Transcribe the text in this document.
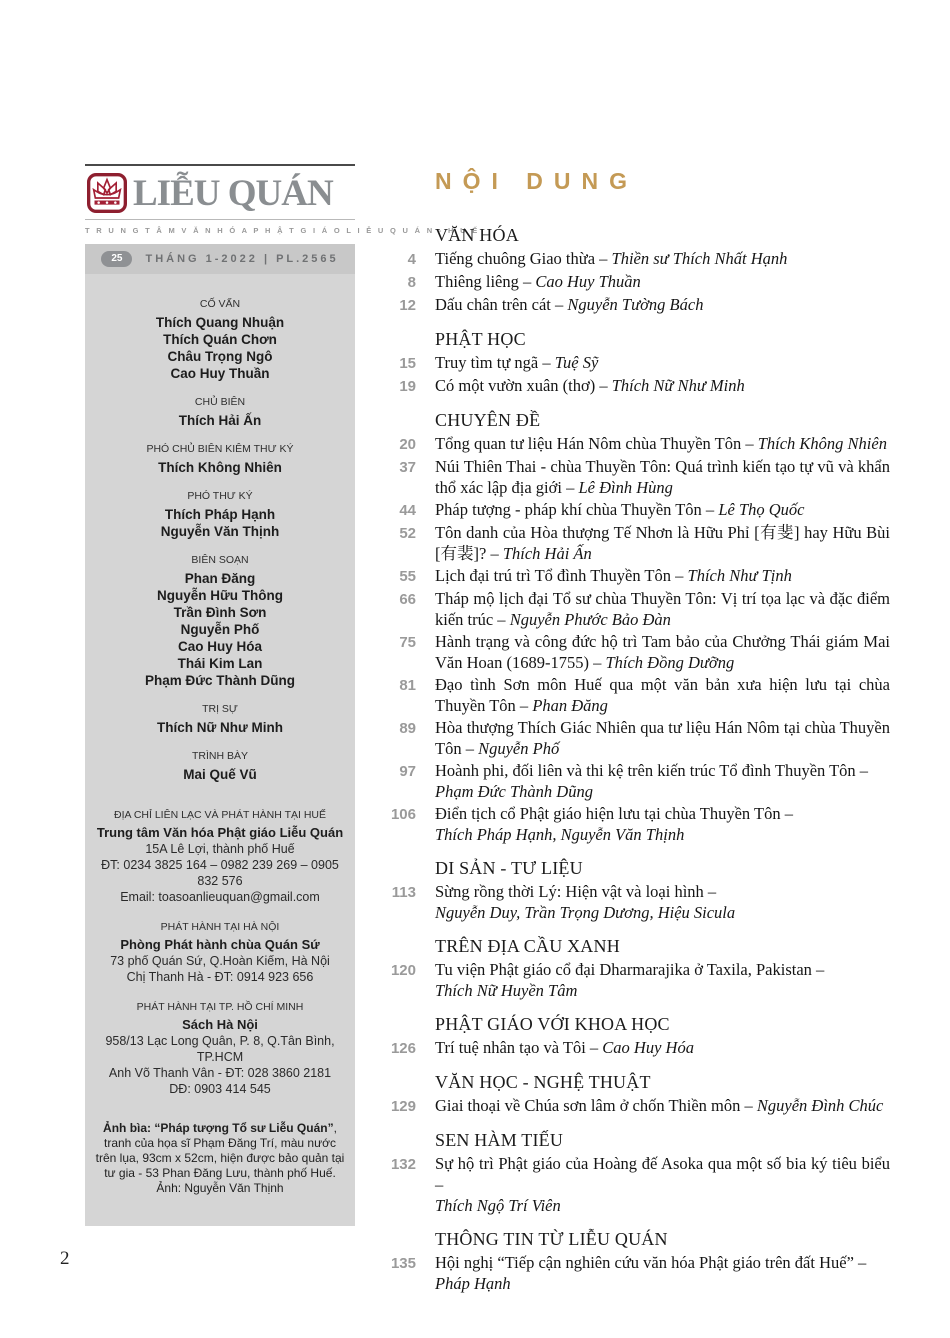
LIỄU QUÁN
T R U N G T Â M V Ă N H Ó A P H Ậ T G I Á O L I Ễ U Q U Á N - H U Ế
25	THÁNG 1-2022 | PL.2565
CỐ VẤN
Thích Quang Nhuận
Thích Quán Chơn
Châu Trọng Ngô
Cao Huy Thuần
CHỦ BIÊN
Thích Hải Ấn
PHÓ CHỦ BIÊN KIÊM THƯ KÝ
Thích Không Nhiên
PHÓ THƯ KÝ
Thích Pháp Hạnh
Nguyễn Văn Thịnh
BIÊN SOẠN
Phan Đăng
Nguyễn Hữu Thông
Trần Đình Sơn
Nguyễn Phố
Cao Huy Hóa
Thái Kim Lan
Phạm Đức Thành Dũng
TRỊ SỰ
Thích Nữ Như Minh
TRÌNH BÀY
Mai Quế Vũ
ĐỊA CHỈ LIÊN LẠC VÀ PHÁT HÀNH TẠI HUẾ
Trung tâm Văn hóa Phật giáo Liễu Quán
15A Lê Lợi, thành phố Huế
ĐT: 0234 3825 164 – 0982 239 269 – 0905 832 576
Email: toasoanlieuquan@gmail.com
PHÁT HÀNH TẠI HÀ NỘI
Phòng Phát hành chùa Quán Sứ
73 phố Quán Sứ, Q.Hoàn Kiếm, Hà Nội
Chị Thanh Hà - ĐT: 0914 923 656
PHÁT HÀNH TẠI TP. HỒ CHÍ MINH
Sách Hà Nội
958/13 Lạc Long Quân, P. 8, Q.Tân Bình, TP.HCM
Anh Võ Thanh Vân - ĐT: 028 3860 2181
DĐ: 0903 414 545
Ảnh bìa: “Pháp tượng Tổ sư Liễu Quán”, tranh của họa sĩ Phạm Đăng Trí, màu nước trên lụa, 93cm x 52cm, hiện được bảo quản tại tư gia - 53 Phan Đăng Lưu, thành phố Huế. Ảnh: Nguyễn Văn Thịnh
NỘI DUNG
VĂN HÓA
4 Tiếng chuông Giao thừa – Thiền sư Thích Nhất Hạnh
8 Thiêng liêng – Cao Huy Thuần
12 Dấu chân trên cát – Nguyễn Tường Bách
PHẬT HỌC
15 Truy tìm tự ngã – Tuệ Sỹ
19 Có một vườn xuân (thơ) – Thích Nữ Như Minh
CHUYÊN ĐỀ
20 Tổng quan tư liệu Hán Nôm chùa Thuyền Tôn – Thích Không Nhiên
37 Núi Thiên Thai - chùa Thuyền Tôn: Quá trình kiến tạo tự vũ và khẩn thổ xác lập địa giới – Lê Đình Hùng
44 Pháp tượng - pháp khí chùa Thuyền Tôn – Lê Thọ Quốc
52 Tôn danh của Hòa thượng Tế Nhơn là Hữu Phỉ [有斐] hay Hữu Bùi [有裴]? – Thích Hải Ấn
55 Lịch đại trú trì Tổ đình Thuyền Tôn – Thích Như Tịnh
66 Tháp mộ lịch đại Tổ sư chùa Thuyền Tôn: Vị trí tọa lạc và đặc điểm kiến trúc – Nguyễn Phước Bảo Đàn
75 Hành trạng và công đức hộ trì Tam bảo của Chưởng Thái giám Mai Văn Hoan (1689-1755) – Thích Đồng Dưỡng
81 Đạo tình Sơn môn Huế qua một văn bản xưa hiện lưu tại chùa Thuyền Tôn – Phan Đăng
89 Hòa thượng Thích Giác Nhiên qua tư liệu Hán Nôm tại chùa Thuyền Tôn – Nguyễn Phố
97 Hoành phi, đối liên và thi kệ trên kiến trúc Tổ đình Thuyền Tôn –
Phạm Đức Thành Dũng
106 Điển tịch cổ Phật giáo hiện lưu tại chùa Thuyền Tôn –
Thích Pháp Hạnh, Nguyễn Văn Thịnh
DI SẢN - TƯ LIỆU
113 Sừng rồng thời Lý: Hiện vật và loại hình –
Nguyễn Duy, Trần Trọng Dương, Hiệu Sicula
TRÊN ĐỊA CẦU XANH
120 Tu viện Phật giáo cổ đại Dharmarajika ở Taxila, Pakistan –
Thích Nữ Huyền Tâm
PHẬT GIÁO VỚI KHOA HỌC
126 Trí tuệ nhân tạo và Tôi – Cao Huy Hóa
VĂN HỌC - NGHỆ THUẬT
129 Giai thoại về Chúa sơn lâm ở chốn Thiền môn – Nguyễn Đình Chúc
SEN HÀM TIẾU
132 Sự hộ trì Phật giáo của Hoàng đế Asoka qua một số bia ký tiêu biểu –
Thích Ngộ Trí Viên
THÔNG TIN TỪ LIỄU QUÁN
135 Hội nghị “Tiếp cận nghiên cứu văn hóa Phật giáo trên đất Huế” –
Pháp Hạnh
2
